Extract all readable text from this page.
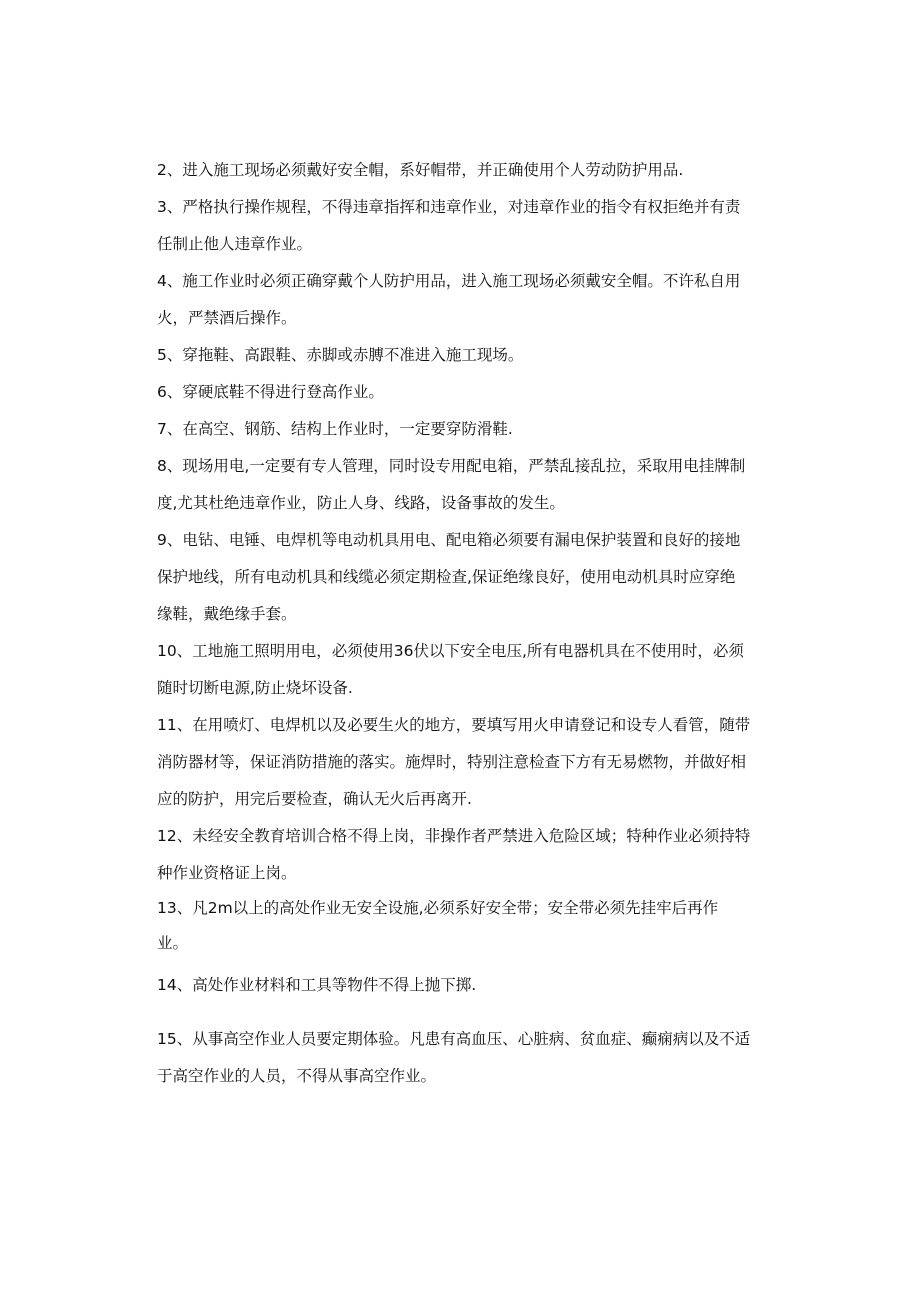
2、进入施工现场必须戴好安全帽，系好帽带，并正确使用个人劳动防护用品.
3、严格执行操作规程，不得违章指挥和违章作业，对违章作业的指令有权拒绝并有责
任制止他人违章作业。
4、施工作业时必须正确穿戴个人防护用品，进入施工现场必须戴安全帽。不许私自用
火，严禁酒后操作。
5、穿拖鞋、高跟鞋、赤脚或赤膊不准进入施工现场。
6、穿硬底鞋不得进行登高作业。
7、在高空、钢筋、结构上作业时，一定要穿防滑鞋.
8、现场用电,一定要有专人管理，同时设专用配电箱，严禁乱接乱拉，采取用电挂牌制
度,尤其杜绝违章作业，防止人身、线路，设备事故的发生。
9、电钻、电锤、电焊机等电动机具用电、配电箱必须要有漏电保护装置和良好的接地
保护地线，所有电动机具和线缆必须定期检查,保证绝缘良好，使用电动机具时应穿绝
缘鞋，戴绝缘手套。
10、工地施工照明用电，必须使用36伏以下安全电压,所有电器机具在不使用时，必须
随时切断电源,防止烧坏设备.
11、在用喷灯、电焊机以及必要生火的地方，要填写用火申请登记和设专人看管，随带
消防器材等，保证消防措施的落实。施焊时，特别注意检查下方有无易燃物，并做好相
应的防护，用完后要检查，确认无火后再离开.
12、未经安全教育培训合格不得上岗，非操作者严禁进入危险区域；特种作业必须持特
种作业资格证上岗。
13、凡2m以上的高处作业无安全设施,必须系好安全带；安全带必须先挂牢后再作
业。
14、高处作业材料和工具等物件不得上抛下掷.
15、从事高空作业人员要定期体验。凡患有高血压、心脏病、贫血症、癫痫病以及不适
于高空作业的人员，不得从事高空作业。
